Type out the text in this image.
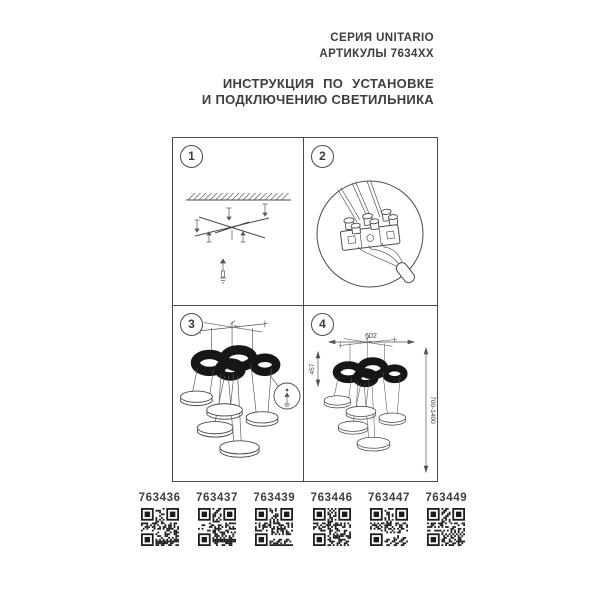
СЕРИЯ UNITARIO
АРТИКУЛЫ 7634XX
ИНСТРУКЦИЯ ПО УСТАНОВКЕ
И ПОДКЛЮЧЕНИЮ СВЕТИЛЬНИКА
1	2
3	4
602
457
700-1400
763436	763437	763439	763446	763447	763449
